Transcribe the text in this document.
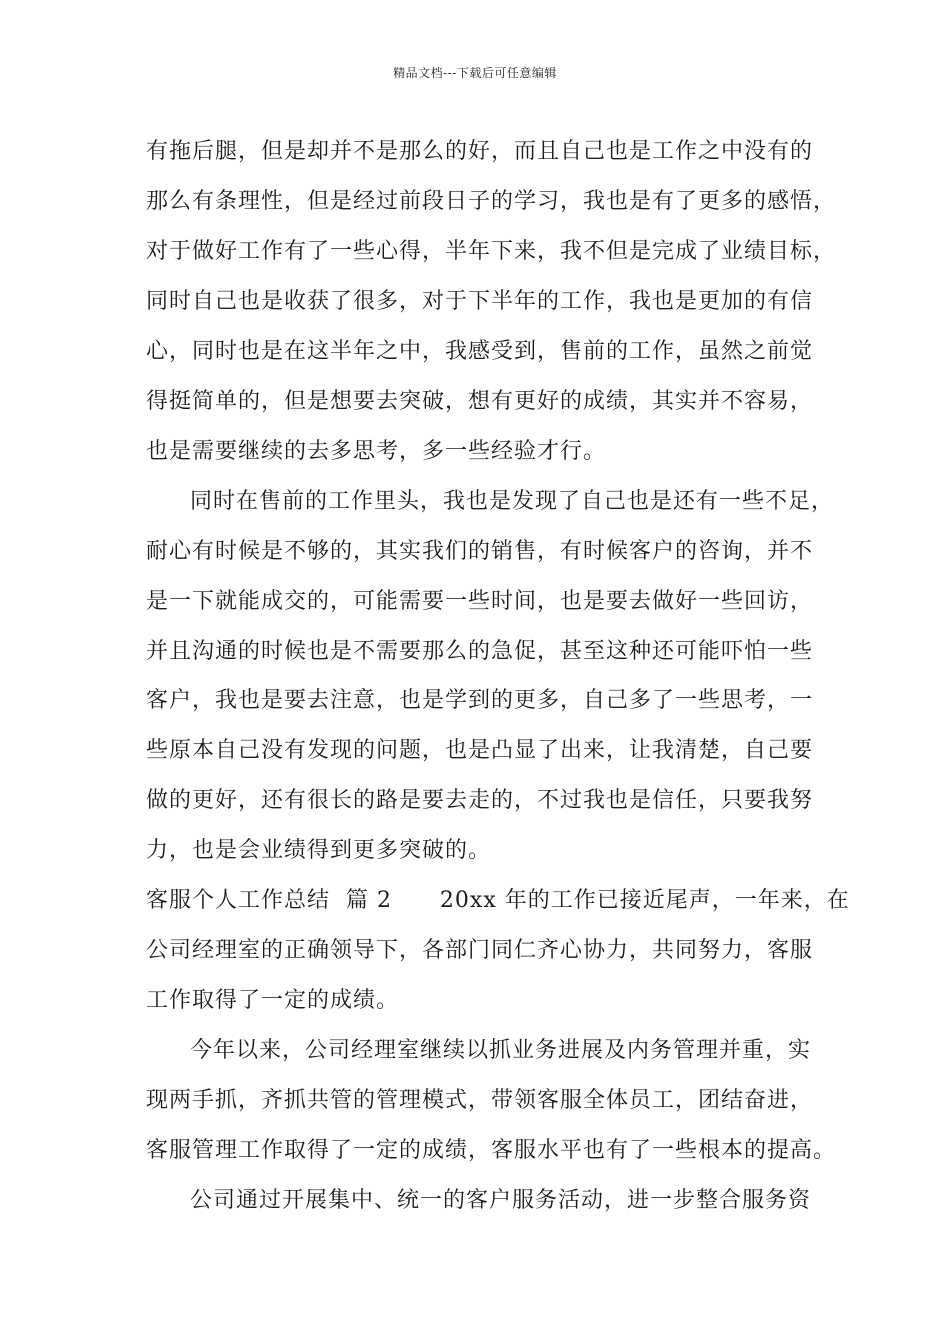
精品文档---下载后可任意编辑
有拖后腿，但是却并不是那么的好，而且自己也是工作之中没有的
那么有条理性，但是经过前段日子的学习，我也是有了更多的感悟，
对于做好工作有了一些心得，半年下来，我不但是完成了业绩目标，
同时自己也是收获了很多，对于下半年的工作，我也是更加的有信
心，同时也是在这半年之中，我感受到，售前的工作，虽然之前觉
得挺简单的，但是想要去突破，想有更好的成绩，其实并不容易，
也是需要继续的去多思考，多一些经验才行。
同时在售前的工作里头，我也是发现了自己也是还有一些不足，
耐心有时候是不够的，其实我们的销售，有时候客户的咨询，并不
是一下就能成交的，可能需要一些时间，也是要去做好一些回访，
并且沟通的时候也是不需要那么的急促，甚至这种还可能吓怕一些
客户，我也是要去注意，也是学到的更多，自己多了一些思考，一
些原本自己没有发现的问题，也是凸显了出来，让我清楚，自己要
做的更好，还有很长的路是要去走的，不过我也是信任，只要我努
力，也是会业绩得到更多突破的。
客服个人工作总结  篇 2      20xx 年的工作已接近尾声，一年来，在
公司经理室的正确领导下，各部门同仁齐心协力，共同努力，客服
工作取得了一定的成绩。
今年以来，公司经理室继续以抓业务进展及内务管理并重，实
现两手抓，齐抓共管的管理模式，带领客服全体员工，团结奋进，
客服管理工作取得了一定的成绩，客服水平也有了一些根本的提高。
公司通过开展集中、统一的客户服务活动，进一步整合服务资
